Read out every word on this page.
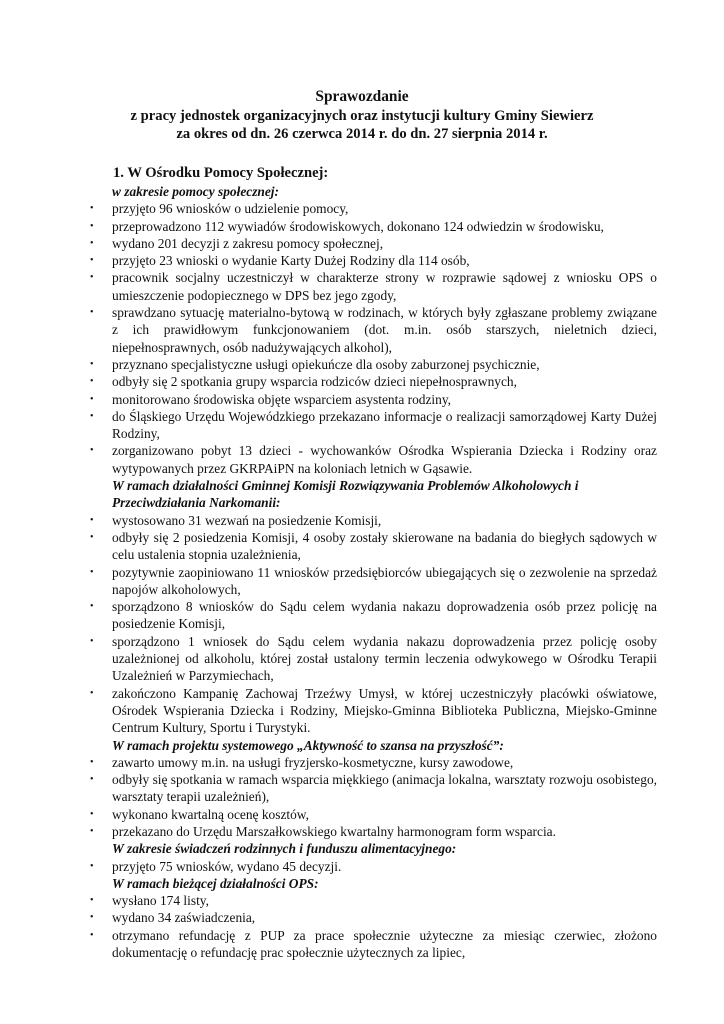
Sprawozdanie
z pracy jednostek organizacyjnych oraz instytucji kultury Gminy Siewierz
za okres od dn. 26 czerwca 2014 r. do dn. 27 sierpnia 2014 r.
1. W Ośrodku Pomocy Społecznej:
w zakresie pomocy społecznej:
• przyjęto 96 wniosków o udzielenie pomocy,
• przeprowadzono 112 wywiadów środowiskowych, dokonano 124 odwiedzin w środowisku,
• wydano 201 decyzji z zakresu pomocy społecznej,
• przyjęto 23 wnioski o wydanie Karty Dużej Rodziny dla 114 osób,
• pracownik socjalny uczestniczył w charakterze strony w rozprawie sądowej z wniosku OPS o umieszczenie podopiecznego w DPS bez jego zgody,
• sprawdzano sytuację materialno-bytową w rodzinach, w których były zgłaszane problemy związane z ich prawidłowym funkcjonowaniem (dot. m.in. osób starszych, nieletnich dzieci, niepełnosprawnych, osób nadużywających alkohol),
• przyznano specjalistyczne usługi opiekuńcze dla osoby zaburzonej psychicznie,
• odbyły się 2 spotkania grupy wsparcia rodziców dzieci niepełnosprawnych,
• monitorowano środowiska objęte wsparciem asystenta rodziny,
• do Śląskiego Urzędu Wojewódzkiego przekazano informacje o realizacji samorządowej Karty Dużej Rodziny,
• zorganizowano pobyt 13 dzieci - wychowanków Ośrodka Wspierania Dziecka i Rodziny oraz wytypowanych przez GKRPAiPN na koloniach letnich w Gąsawie.
W ramach działalności Gminnej Komisji Rozwiązywania Problemów Alkoholowych i Przeciwdziałania Narkomanii:
• wystosowano 31 wezwań na posiedzenie Komisji,
• odbyły się 2 posiedzenia Komisji, 4 osoby zostały skierowane na badania do biegłych sądowych w celu ustalenia stopnia uzależnienia,
• pozytywnie zaopiniowano 11 wniosków przedsiębiorców ubiegających się o zezwolenie na sprzedaż napojów alkoholowych,
• sporządzono 8 wniosków do Sądu celem wydania nakazu doprowadzenia osób przez policję na posiedzenie Komisji,
• sporządzono 1 wniosek do Sądu celem wydania nakazu doprowadzenia przez policję osoby uzależnionej od alkoholu, której został ustalony termin leczenia odwykowego w Ośrodku Terapii Uzależnień w Parzymiechach,
• zakończono Kampanię Zachowaj Trzeźwy Umysł, w której uczestniczyły placówki oświatowe, Ośrodek Wspierania Dziecka i Rodziny, Miejsko-Gminna Biblioteka Publiczna, Miejsko-Gminne Centrum Kultury, Sportu i Turystyki.
W ramach projektu systemowego „Aktywność to szansa na przyszłość”:
• zawarto umowy m.in. na usługi fryzjersko-kosmetyczne, kursy zawodowe,
• odbyły się spotkania w ramach wsparcia miękkiego (animacja lokalna, warsztaty rozwoju osobistego, warsztaty terapii uzależnień),
• wykonano kwartalną ocenę kosztów,
• przekazano do Urzędu Marszałkowskiego kwartalny harmonogram form wsparcia.
W zakresie świadczeń rodzinnych i funduszu alimentacyjnego:
• przyjęto 75 wniosków, wydano 45 decyzji.
W ramach bieżącej działalności OPS:
• wysłano 174 listy,
• wydano 34 zaświadczenia,
• otrzymano refundację z PUP za prace społecznie użyteczne za miesiąc czerwiec, złożono dokumentację o refundację prac społecznie użytecznych za lipiec,
